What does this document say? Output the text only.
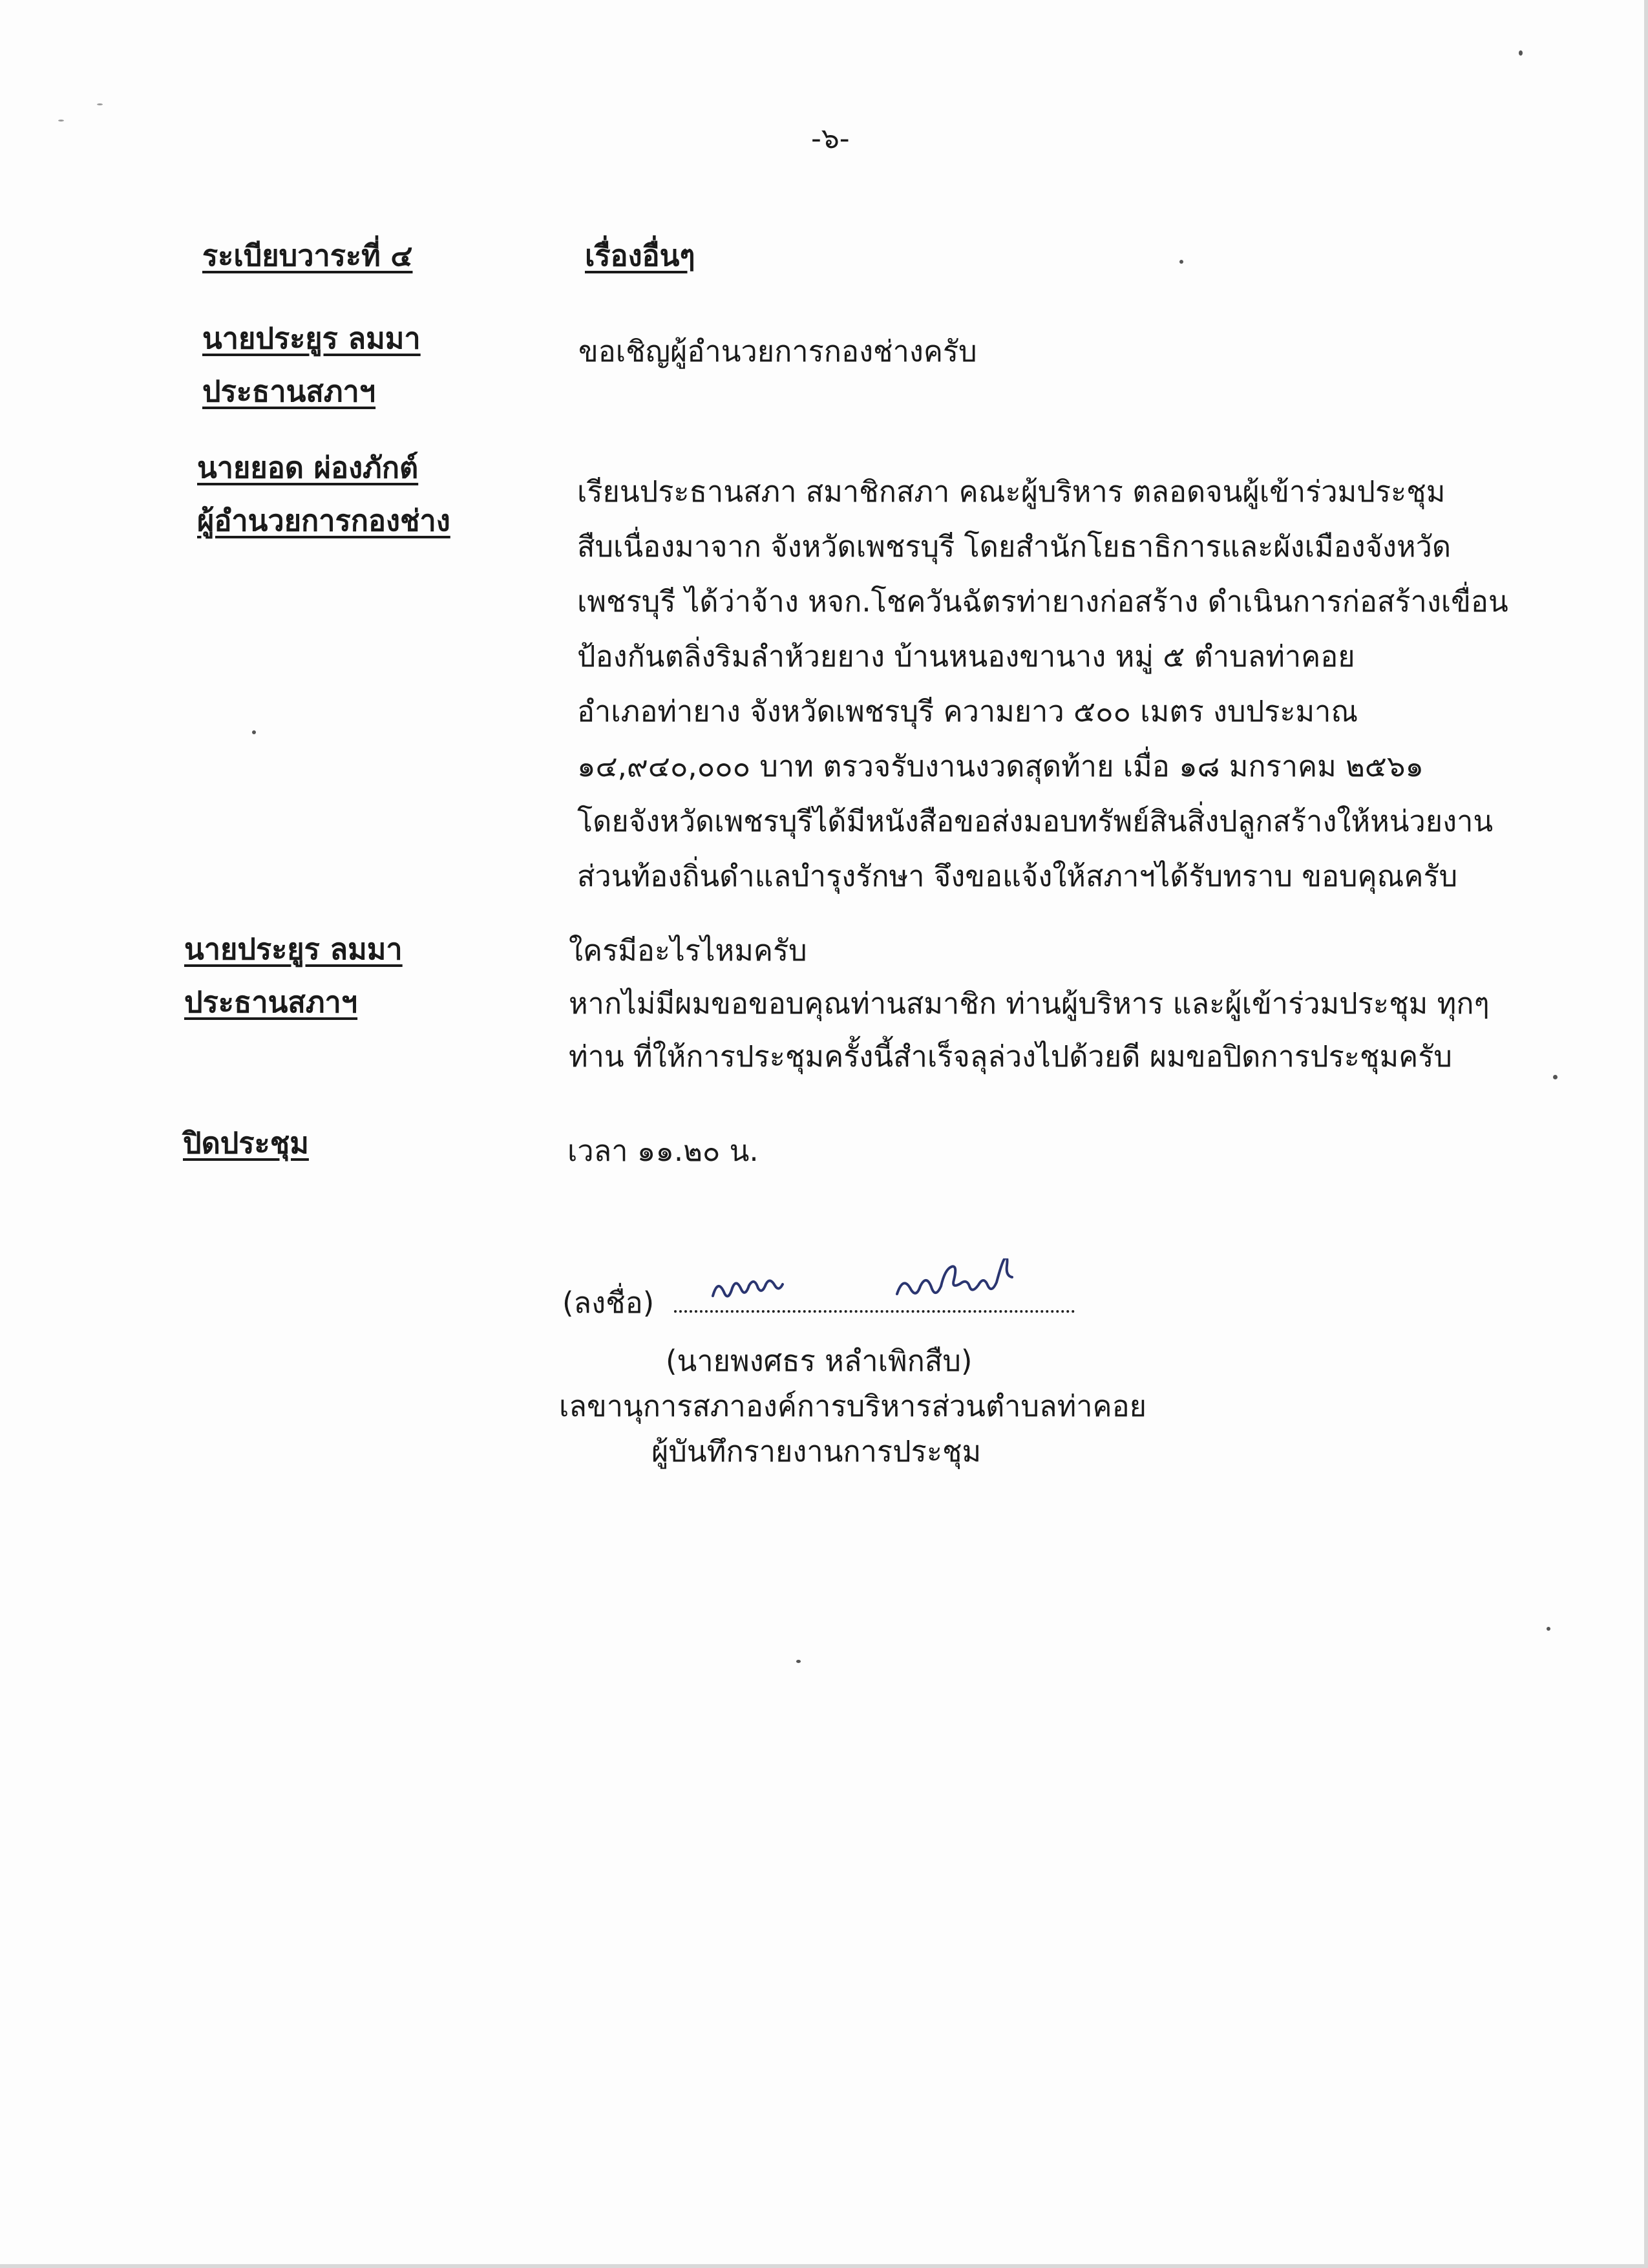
-๖-
ระเบียบวาระที่ ๔	เรื่องอื่นๆ
นายประยูร ลมมา
ประธานสภาฯ
ขอเชิญผู้อำนวยการกองช่างครับ
นายยอด ผ่องภักต์
ผู้อำนวยการกองช่าง
เรียนประธานสภา สมาชิกสภา คณะผู้บริหาร ตลอดจนผู้เข้าร่วมประชุม
สืบเนื่องมาจาก จังหวัดเพชรบุรี โดยสำนักโยธาธิการและผังเมืองจังหวัด
เพชรบุรี ได้ว่าจ้าง หจก.โชควันฉัตรท่ายางก่อสร้าง ดำเนินการก่อสร้างเขื่อน
ป้องกันตลิ่งริมลำห้วยยาง บ้านหนองขานาง หมู่ ๕ ตำบลท่าคอย
อำเภอท่ายาง จังหวัดเพชรบุรี ความยาว ๕๐๐ เมตร งบประมาณ
๑๔,๙๔๐,๐๐๐ บาท ตรวจรับงานงวดสุดท้าย เมื่อ ๑๘ มกราคม ๒๕๖๑
โดยจังหวัดเพชรบุรีได้มีหนังสือขอส่งมอบทรัพย์สินสิ่งปลูกสร้างให้หน่วยงาน
ส่วนท้องถิ่นดำแลบำรุงรักษา จึงขอแจ้งให้สภาฯได้รับทราบ ขอบคุณครับ
นายประยูร ลมมา
ประธานสภาฯ
ใครมีอะไรไหมครับ
หากไม่มีผมขอขอบคุณท่านสมาชิก ท่านผู้บริหาร และผู้เข้าร่วมประชุม ทุกๆ
ท่าน ที่ให้การประชุมครั้งนี้สำเร็จลุล่วงไปด้วยดี ผมขอปิดการประชุมครับ
ปิดประชุม	เวลา ๑๑.๒๐ น.
(ลงชื่อ)
(นายพงศธร หลำเพิกสืบ)
เลขานุการสภาองค์การบริหารส่วนตำบลท่าคอย
ผู้บันทึกรายงานการประชุม
